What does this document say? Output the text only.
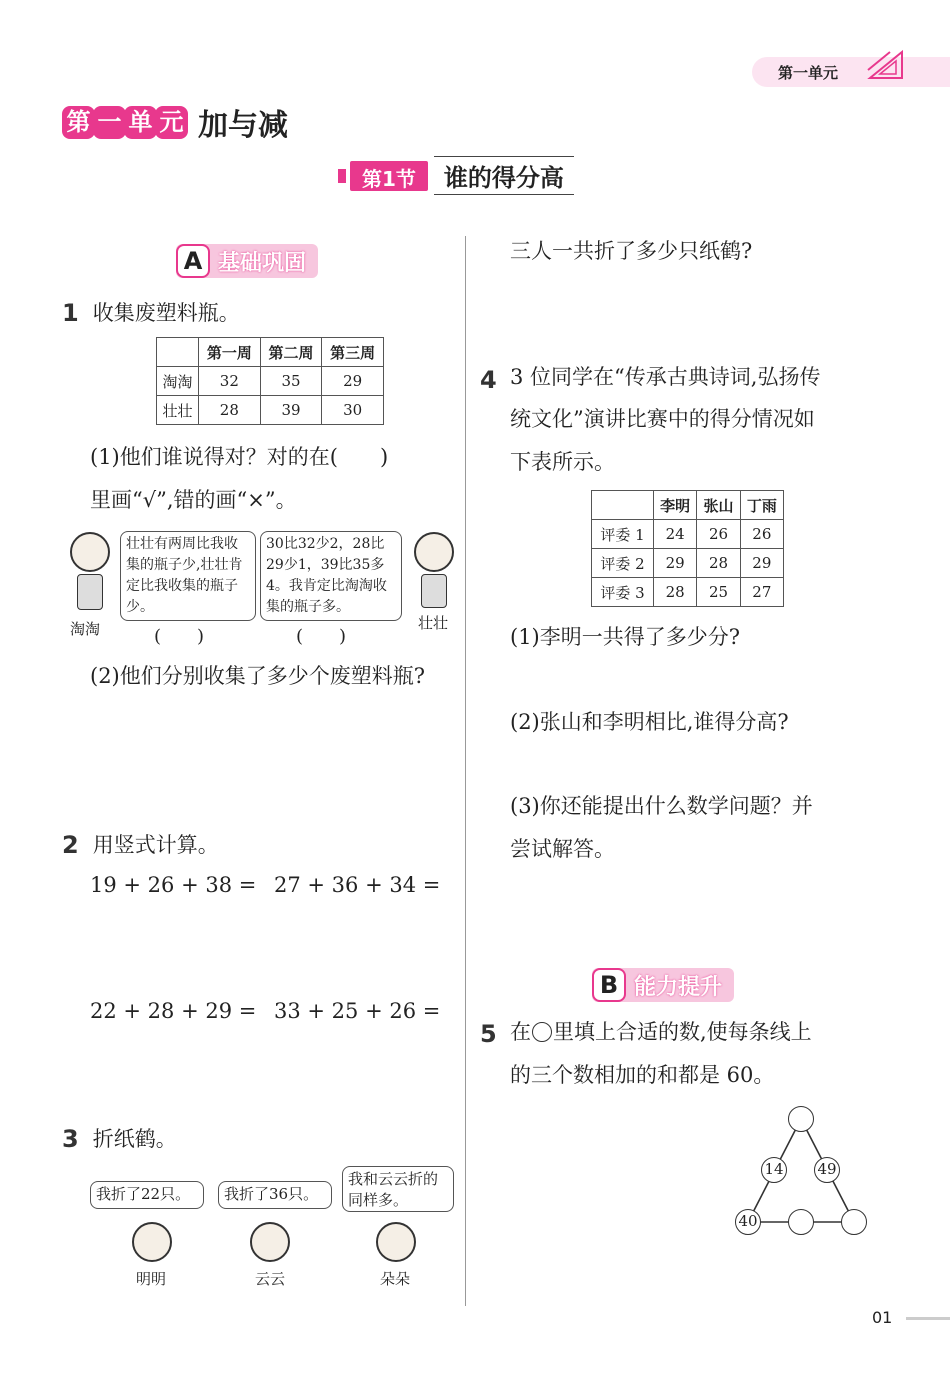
第一单元
第 一 单 元 加与减
第1节	谁的得分高
A 基础巩固
1 收集废塑料瓶。
	第一周	第二周	第三周
淘淘	32	35	29
壮壮	28	39	30
(1)他们谁说得对？对的在(　　)
里画“√”,错的画“×”。
淘淘
壮壮有两周比我收集的瓶子少,壮壮肯定比我收集的瓶子少。
(　　)
30比32少2，28比29少1，39比35多4。我肯定比淘淘收集的瓶子多。
(　　)
壮壮
(2)他们分别收集了多少个废塑料瓶?
2 用竖式计算。
19 + 26 + 38 = 27 + 36 + 34 =
22 + 28 + 29 = 33 + 25 + 26 =
3 折纸鹤。
我折了22只。	我折了36只。
我和云云折的同样多。
明明	云云	朵朵
三人一共折了多少只纸鹤?
4 3 位同学在“传承古典诗词,弘扬传
统文化”演讲比赛中的得分情况如
下表所示。
	李明	张山	丁雨
评委 1	24	26	26
评委 2	29	28	29
评委 3	28	25	27
(1)李明一共得了多少分?
(2)张山和李明相比,谁得分高?
(3)你还能提出什么数学问题？并
尝试解答。
B 能力提升
5 在 里填上合适的数,使每条线上
的三个数相加的和都是 60。
14 49
40
01
